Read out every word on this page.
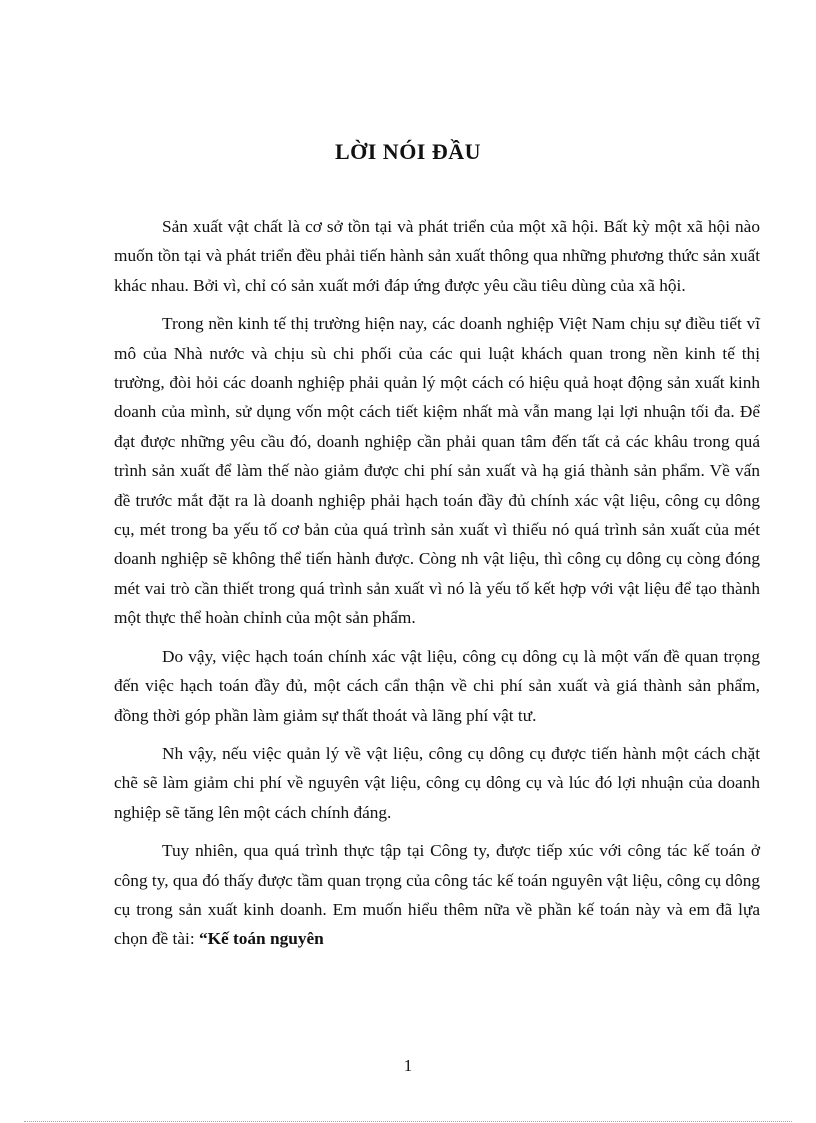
LỜI NÓI ĐẦU

Sản xuất vật chất là cơ sở tồn tại và phát triển của một xã hội. Bất kỳ một xã hội nào muốn tồn tại và phát triển đều phải tiến hành sản xuất thông qua những phương thức sản xuất khác nhau. Bởi vì, chỉ có sản xuất mới đáp ứng được yêu cầu tiêu dùng của xã hội.

Trong nền kinh tế thị trường hiện nay, các doanh nghiệp Việt Nam chịu sự điều tiết vĩ mô của Nhà nước và chịu sù chi phối của các qui luật khách quan trong nền kinh tế thị trường, đòi hỏi các doanh nghiệp phải quản lý một cách có hiệu quả hoạt động sản xuất kinh doanh của mình, sử dụng vốn một cách tiết kiệm nhất mà vẫn mang lại lợi nhuận tối đa. Để đạt được những yêu cầu đó, doanh nghiệp cần phải quan tâm đến tất cả các khâu trong quá trình sản xuất để làm thế nào giảm được chi phí sản xuất và hạ giá thành sản phẩm. Về vấn đề trước mắt đặt ra là doanh nghiệp phải hạch toán đầy đủ chính xác vật liệu, công cụ dông cụ, mét trong ba yếu tố cơ bản của quá trình sản xuất vì thiếu nó quá trình sản xuất của mét doanh nghiệp sẽ không thể tiến hành được. Còng nh vật liệu, thì công cụ dông cụ còng đóng mét vai trò cần thiết trong quá trình sản xuất vì nó là yếu tố kết hợp với vật liệu để tạo thành một thực thể hoàn chỉnh của một sản phẩm.

Do vậy, việc hạch toán chính xác vật liệu, công cụ dông cụ là một vấn đề quan trọng đến việc hạch toán đầy đủ, một cách cẩn thận về chi phí sản xuất và giá thành sản phẩm, đồng thời góp phần làm giảm sự thất thoát và lãng phí vật tư.

Nh vậy, nếu việc quản lý về vật liệu, công cụ dông cụ được tiến hành một cách chặt chẽ sẽ làm giảm chi phí về nguyên vật liệu, công cụ dông cụ và lúc đó lợi nhuận của doanh nghiệp sẽ tăng lên một cách chính đáng.

Tuy nhiên, qua quá trình thực tập tại Công ty, được tiếp xúc với công tác kế toán ở công ty, qua đó thấy được tầm quan trọng của công tác kế toán nguyên vật liệu, công cụ dông cụ trong sản xuất kinh doanh. Em muốn hiểu thêm nữa về phần kế toán này và em đã lựa chọn đề tài: “Kế toán nguyên

1
